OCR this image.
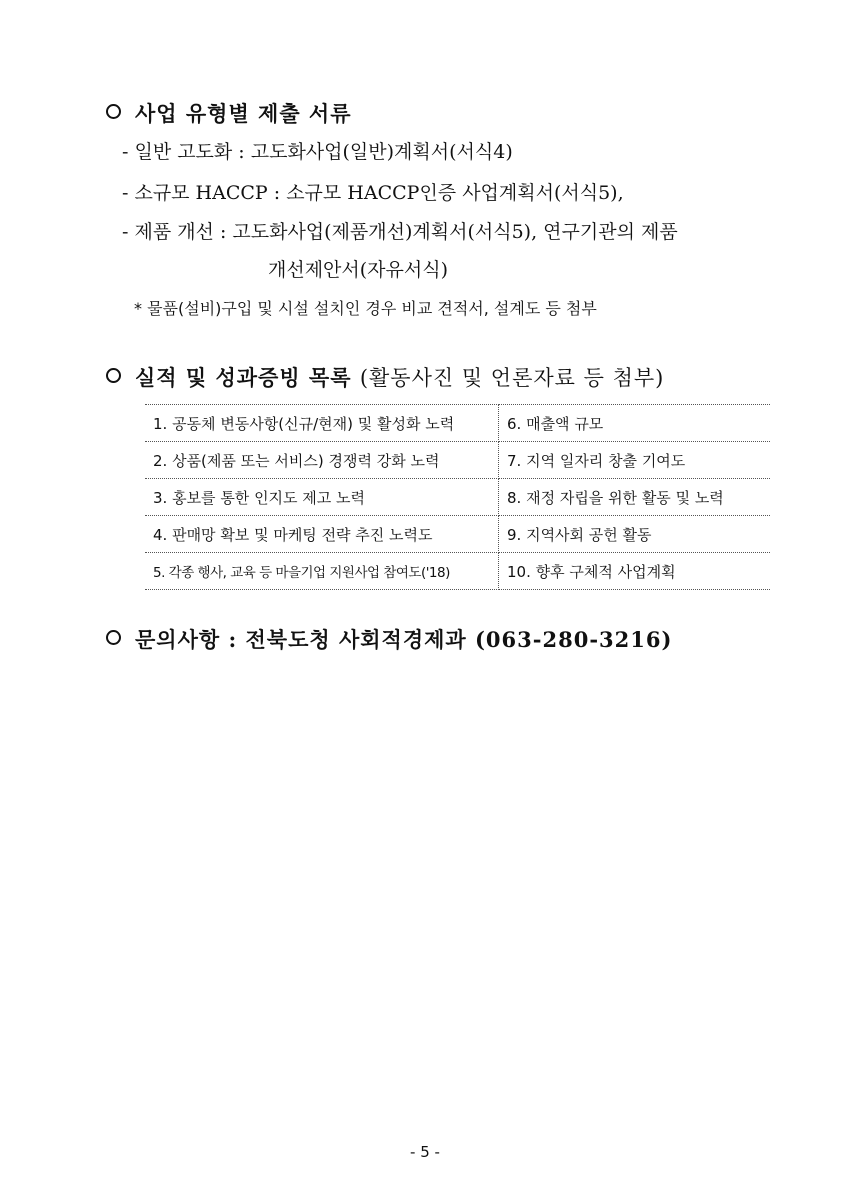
사업 유형별 제출 서류
- 일반 고도화 : 고도화사업(일반)계획서(서식4)
- 소규모 HACCP : 소규모 HACCP인증 사업계획서(서식5),
- 제품 개선 : 고도화사업(제품개선)계획서(서식5), 연구기관의 제품
개선제안서(자유서식)
* 물품(설비)구입 및 시설 설치인 경우 비교 견적서, 설계도 등 첨부
실적 및 성과증빙 목록 (활동사진 및 언론자료 등 첨부)
1. 공동체 변동사항(신규/현재) 및 활성화 노력	6. 매출액 규모
2. 상품(제품 또는 서비스) 경쟁력 강화 노력	7. 지역 일자리 창출 기여도
3. 홍보를 통한 인지도 제고 노력	8. 재정 자립을 위한 활동 및 노력
4. 판매망 확보 및 마케팅 전략 추진 노력도	9. 지역사회 공헌 활동
5. 각종 행사, 교육 등 마을기업 지원사업 참여도('18)	10. 향후 구체적 사업계획
문의사항 : 전북도청 사회적경제과 (063-280-3216)
- 5 -
